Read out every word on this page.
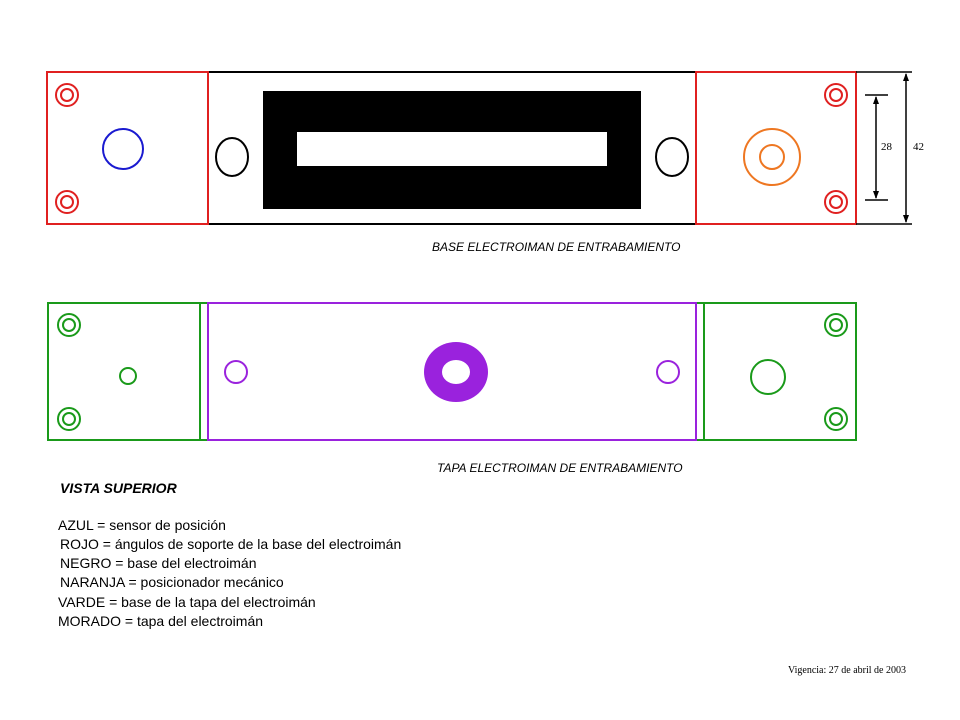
28 42
BASE ELECTROIMAN DE ENTRABAMIENTO
TAPA ELECTROIMAN DE ENTRABAMIENTO
VISTA SUPERIOR
AZUL = sensor de posición
ROJO = ángulos de soporte de la base del electroimán
NEGRO = base del electroimán
NARANJA = posicionador mecánico
VARDE = base de la tapa del electroimán
MORADO = tapa del electroimán
Vigencia: 27 de abril de 2003
